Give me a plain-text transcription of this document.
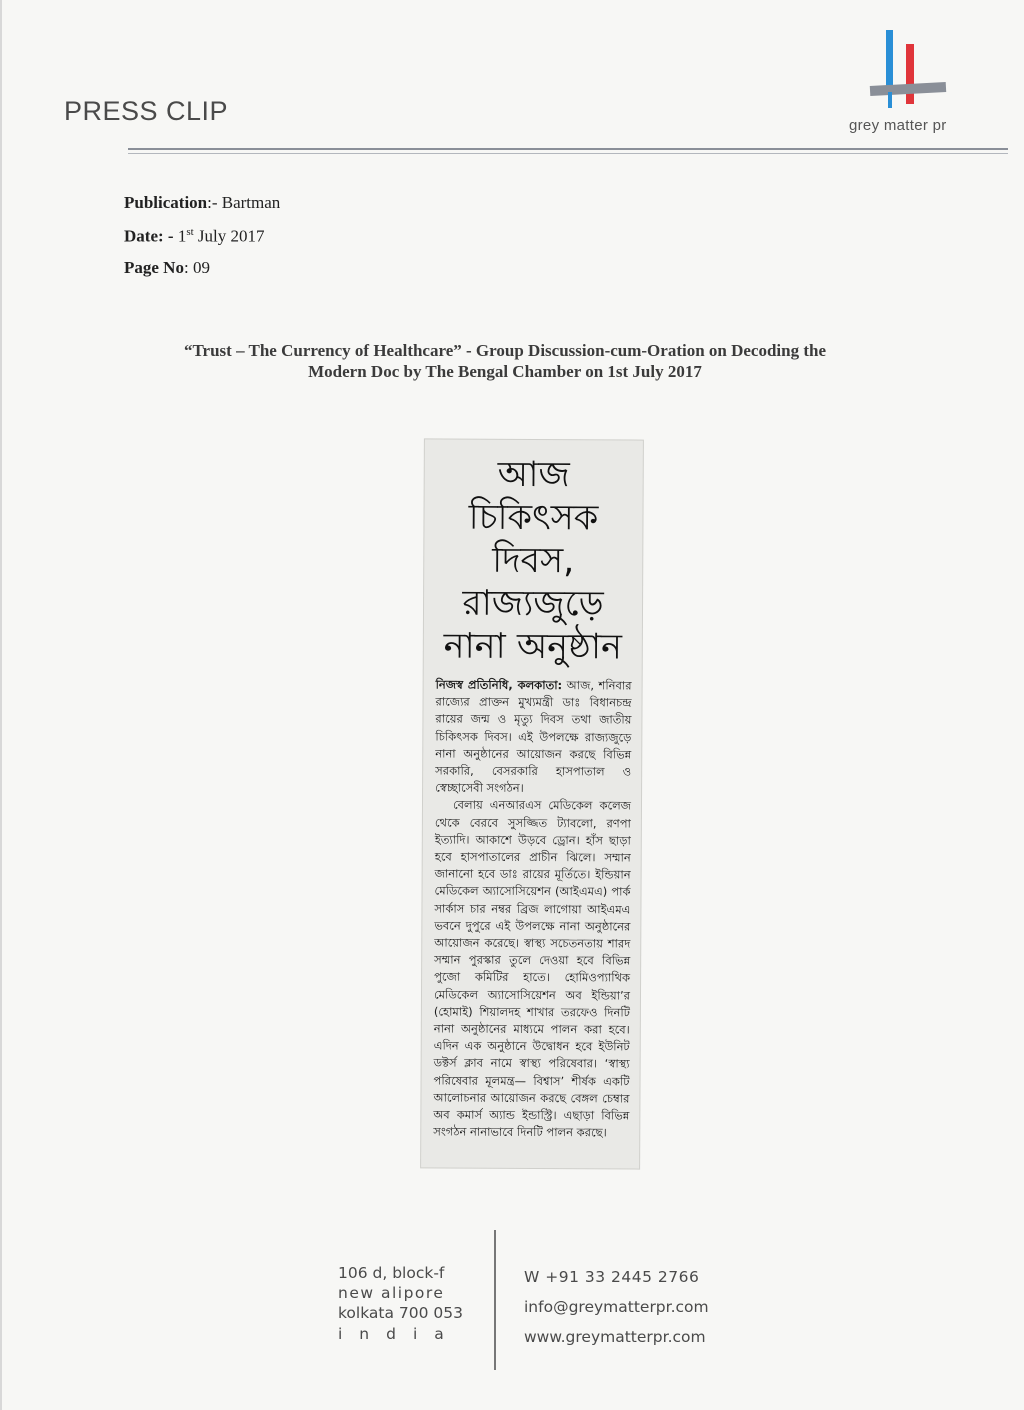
PRESS CLIP	grey matter pr
Publication:- Bartman
Date: - 1st July 2017
Page No: 09
“Trust – The Currency of Healthcare” - Group Discussion-cum-Oration on Decoding the
Modern Doc by The Bengal Chamber on 1st July 2017
আজ চিকিৎসক
দিবস, রাজ্যজুড়ে
নানা অনুষ্ঠান

নিজস্ব প্রতিনিধি, কলকাতা: আজ, শনিবার রাজ্যের প্রাক্তন মুখ্যমন্ত্রী ডাঃ বিধানচন্দ্র রায়ের জন্ম ও মৃত্যু দিবস তথা জাতীয় চিকিৎসক দিবস। এই উপলক্ষে রাজ্যজুড়ে নানা অনুষ্ঠানের আয়োজন করছে বিভিন্ন সরকারি, বেসরকারি হাসপাতাল ও স্বেচ্ছাসেবী সংগঠন।

বেলায় এনআরএস মেডিকেল কলেজ থেকে বেরবে সুসজ্জিত ট্যাবলো, রণপা ইত্যাদি। আকাশে উড়বে ড্রোন। হাঁস ছাড়া হবে হাসপাতালের প্রাচীন ঝিলে। সম্মান জানানো হবে ডাঃ রায়ের মূর্তিতে। ইন্ডিয়ান মেডিকেল অ্যাসোসিয়েশন (আইএমএ) পার্ক সার্কাস চার নম্বর ব্রিজ লাগোয়া আইএমএ ভবনে দুপুরে এই উপলক্ষে নানা অনুষ্ঠানের আয়োজন করেছে। স্বাস্থ্য সচেতনতায় শারদ সম্মান পুরস্কার তুলে দেওয়া হবে বিভিন্ন পুজো কমিটির হাতে। হোমিওপ্যাথিক মেডিকেল অ্যাসোসিয়েশন অব ইন্ডিয়া’র (হোমাই) শিয়ালদহ শাখার তরফেও দিনটি নানা অনুষ্ঠানের মাধ্যমে পালন করা হবে। এদিন এক অনুষ্ঠানে উদ্বোধন হবে ইউনিট ডক্টর্স ক্লাব নামে স্বাস্থ্য পরিষেবার। ‘স্বাস্থ্য পরিষেবার মূলমন্ত্র— বিশ্বাস’ শীর্ষক একটি আলোচনার আয়োজন করছে বেঙ্গল চেম্বার অব কমার্স অ্যান্ড ইন্ডাস্ট্রি। এছাড়া বিভিন্ন সংগঠন নানাভাবে দিনটি পালন করছে।

106 d, block-f
new alipore
kolkata 700 053
india
W +91 33 2445 2766
info@greymatterpr.com
www.greymatterpr.com
